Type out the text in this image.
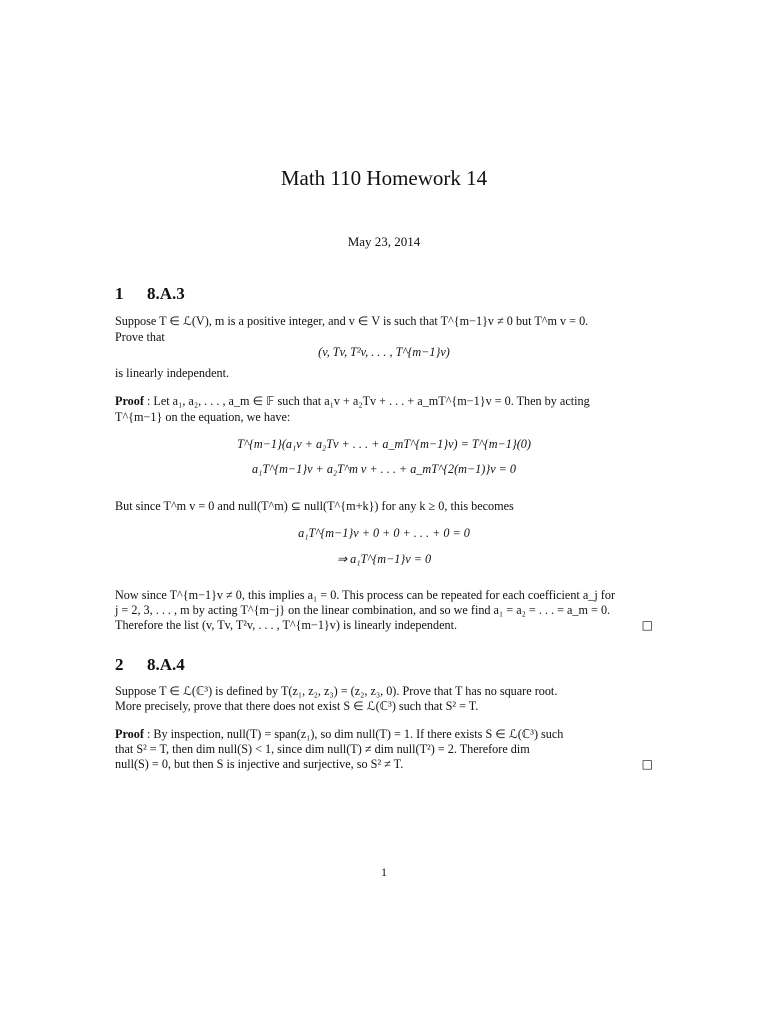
Math 110 Homework 14
May 23, 2014
1 8.A.3
Suppose T ∈ ℒ(V), m is a positive integer, and v ∈ V is such that T^{m−1}v ≠ 0 but T^m v = 0.
Prove that
(v, Tv, T²v, . . . , T^{m−1}v)
is linearly independent.
Proof : Let a₁, a₂, . . . , a_m ∈ 𝔽 such that a₁v + a₂Tv + . . . + a_mT^{m−1}v = 0. Then by acting
T^{m−1} on the equation, we have:
T^{m−1}(a₁v + a₂Tv + . . . + a_mT^{m−1}v) = T^{m−1}(0)
a₁T^{m−1}v + a₂T^m v + . . . + a_mT^{2(m−1)}v = 0
But since T^m v = 0 and null(T^m) ⊆ null(T^{m+k}) for any k ≥ 0, this becomes
a₁T^{m−1}v + 0 + 0 + . . . + 0 = 0
⇒ a₁T^{m−1}v = 0
Now since T^{m−1}v ≠ 0, this implies a₁ = 0. This process can be repeated for each coefficient a_j for
j = 2, 3, . . . , m by acting T^{m−j} on the linear combination, and so we find a₁ = a₂ = . . . = a_m = 0.
Therefore the list (v, Tv, T²v, . . . , T^{m−1}v) is linearly independent.	□
2 8.A.4
Suppose T ∈ ℒ(ℂ³) is defined by T(z₁, z₂, z₃) = (z₂, z₃, 0). Prove that T has no square root.
More precisely, prove that there does not exist S ∈ ℒ(ℂ³) such that S² = T.
Proof : By inspection, null(T) = span(z₁), so dim null(T) = 1. If there exists S ∈ ℒ(ℂ³) such
that S² = T, then dim null(S) < 1, since dim null(T) ≠ dim null(T²) = 2. Therefore dim
null(S) = 0, but then S is injective and surjective, so S² ≠ T.	□
1
